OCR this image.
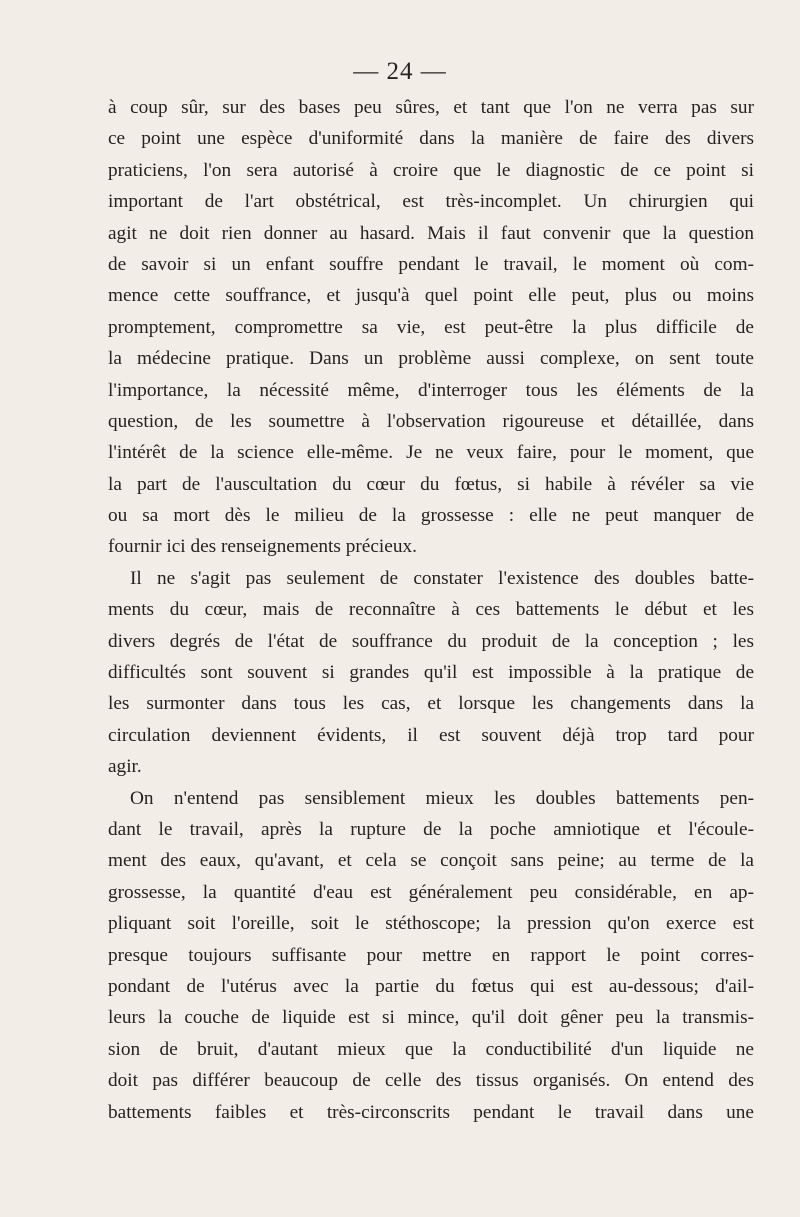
— 24 —
à coup sûr, sur des bases peu sûres, et tant que l'on ne verra pas sur
ce point une espèce d'uniformité dans la manière de faire des divers
praticiens, l'on sera autorisé à croire que le diagnostic de ce point si
important de l'art obstétrical, est très-incomplet. Un chirurgien qui
agit ne doit rien donner au hasard. Mais il faut convenir que la question
de savoir si un enfant souffre pendant le travail, le moment où com-
mence cette souffrance, et jusqu'à quel point elle peut, plus ou moins
promptement, compromettre sa vie, est peut-être la plus difficile de
la médecine pratique. Dans un problème aussi complexe, on sent toute
l'importance, la nécessité même, d'interroger tous les éléments de la
question, de les soumettre à l'observation rigoureuse et détaillée, dans
l'intérêt de la science elle-même. Je ne veux faire, pour le moment, que
la part de l'auscultation du cœur du fœtus, si habile à révéler sa vie
ou sa mort dès le milieu de la grossesse : elle ne peut manquer de
fournir ici des renseignements précieux.
Il ne s'agit pas seulement de constater l'existence des doubles batte-
ments du cœur, mais de reconnaître à ces battements le début et les
divers degrés de l'état de souffrance du produit de la conception ; les
difficultés sont souvent si grandes qu'il est impossible à la pratique de
les surmonter dans tous les cas, et lorsque les changements dans la
circulation deviennent évidents, il est souvent déjà trop tard pour
agir.
On n'entend pas sensiblement mieux les doubles battements pen-
dant le travail, après la rupture de la poche amniotique et l'écoule-
ment des eaux, qu'avant, et cela se conçoit sans peine; au terme de la
grossesse, la quantité d'eau est généralement peu considérable, en ap-
pliquant soit l'oreille, soit le stéthoscope; la pression qu'on exerce est
presque toujours suffisante pour mettre en rapport le point corres-
pondant de l'utérus avec la partie du fœtus qui est au-dessous; d'ail-
leurs la couche de liquide est si mince, qu'il doit gêner peu la transmis-
sion de bruit, d'autant mieux que la conductibilité d'un liquide ne
doit pas différer beaucoup de celle des tissus organisés. On entend des
battements faibles et très-circonscrits pendant le travail dans une
